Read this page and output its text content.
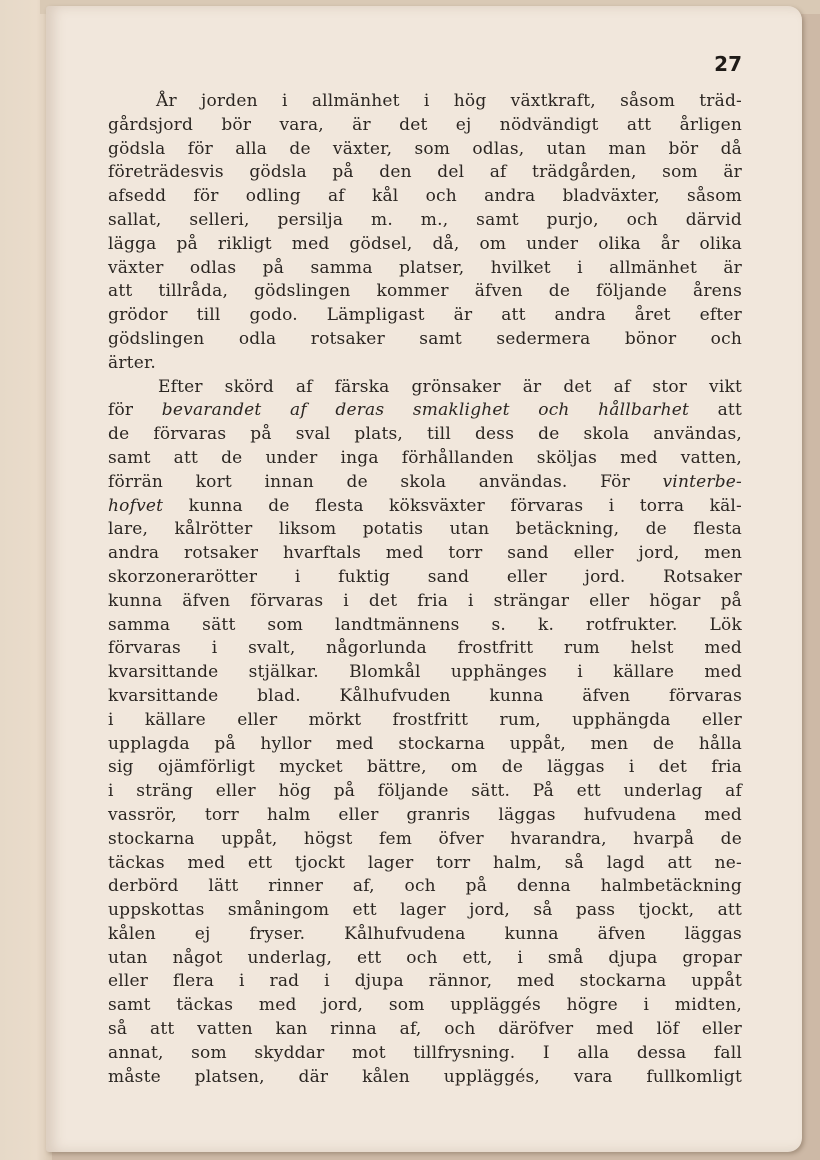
27
År jorden i allmänhet i hög växtkraft, såsom träd-
gårdsjord bör vara, är det ej nödvändigt att årligen
gödsla för alla de växter, som odlas, utan man bör då
företrädesvis gödsla på den del af trädgården, som är
afsedd för odling af kål och andra bladväxter, såsom
sallat, selleri, persilja m. m., samt purjo, och därvid
lägga på rikligt med gödsel, då, om under olika år olika
växter odlas på samma platser, hvilket i allmänhet är
att tillråda, gödslingen kommer äfven de följande årens
grödor till godo. Lämpligast är att andra året efter
gödslingen odla rotsaker samt sedermera bönor och
ärter.
Efter skörd af färska grönsaker är det af stor vikt
för bevarandet af deras smaklighet och hållbarhet att
de förvaras på sval plats, till dess de skola användas,
samt att de under inga förhållanden sköljas med vatten,
förrän kort innan de skola användas. För vinterbe-
hofvet kunna de flesta köksväxter förvaras i torra käl-
lare, kålrötter liksom potatis utan betäckning, de flesta
andra rotsaker hvarftals med torr sand eller jord, men
skorzonerarötter i fuktig sand eller jord. Rotsaker
kunna äfven förvaras i det fria i strängar eller högar på
samma sätt som landtmännens s. k. rotfrukter. Lök
förvaras i svalt, någorlunda frostfritt rum helst med
kvarsittande stjälkar. Blomkål upphänges i källare med
kvarsittande blad. Kålhufvuden kunna äfven förvaras
i källare eller mörkt frostfritt rum, upphängda eller
upplagda på hyllor med stockarna uppåt, men de hålla
sig ojämförligt mycket bättre, om de läggas i det fria
i sträng eller hög på följande sätt. På ett underlag af
vassrör, torr halm eller granris läggas hufvudena med
stockarna uppåt, högst fem öfver hvarandra, hvarpå de
täckas med ett tjockt lager torr halm, så lagd att ne-
derbörd lätt rinner af, och på denna halmbetäckning
uppskottas småningom ett lager jord, så pass tjockt, att
kålen ej fryser. Kålhufvudena kunna äfven läggas
utan något underlag, ett och ett, i små djupa gropar
eller flera i rad i djupa rännor, med stockarna uppåt
samt täckas med jord, som uppläggés högre i midten,
så att vatten kan rinna af, och däröfver med löf eller
annat, som skyddar mot tillfrysning. I alla dessa fall
måste platsen, där kålen uppläggés, vara fullkomligt
